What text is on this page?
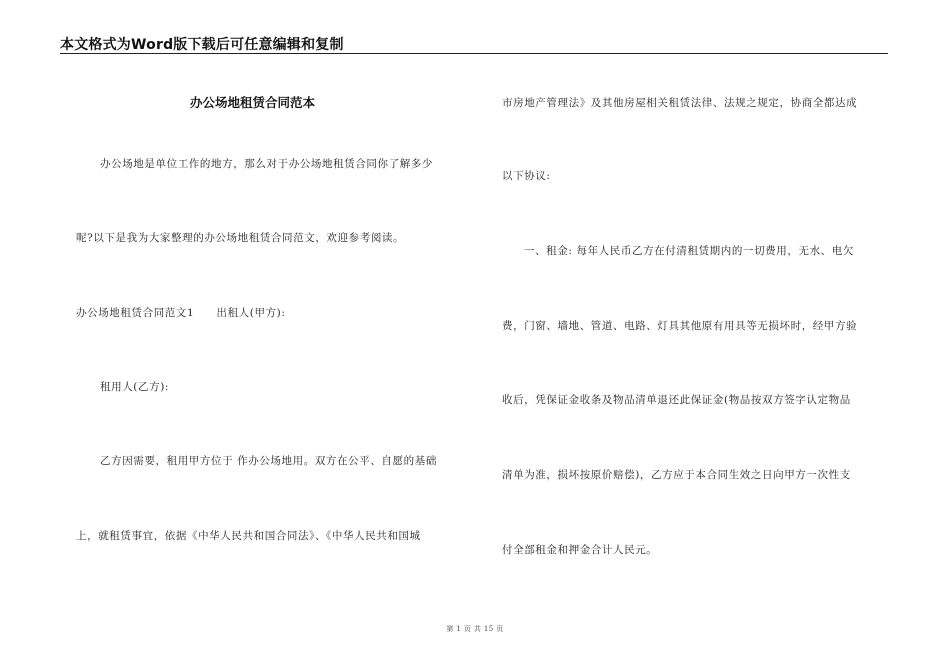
本文格式为Word版下载后可任意编辑和复制
办公场地租赁合同范本
办公场地是单位工作的地方，那么对于办公场地租赁合同你了解多少
呢?以下是我为大家整理的办公场地租赁合同范文，欢迎参考阅读。
办公场地租赁合同范文1　　出租人(甲方):
租用人(乙方):
乙方因需要，租用甲方位于 作办公场地用。双方在公平、自愿的基础
上，就租赁事宜，依据《中华人民共和国合同法》、《中华人民共和国城
市房地产管理法》及其他房屋相关租赁法律、法规之规定，协商全都达成
以下协议:
一、租金: 每年人民币乙方在付清租赁期内的一切费用，无水、电欠
费，门窗、墙地、管道、电路、灯具其他原有用具等无损坏时，经甲方验
收后，凭保证金收条及物品清单退还此保证金(物品按双方签字认定物品
清单为准，损坏按原价赔偿)，乙方应于本合同生效之日向甲方一次性支
付全部租金和押金合计人民元。
第 1 页 共 15 页
